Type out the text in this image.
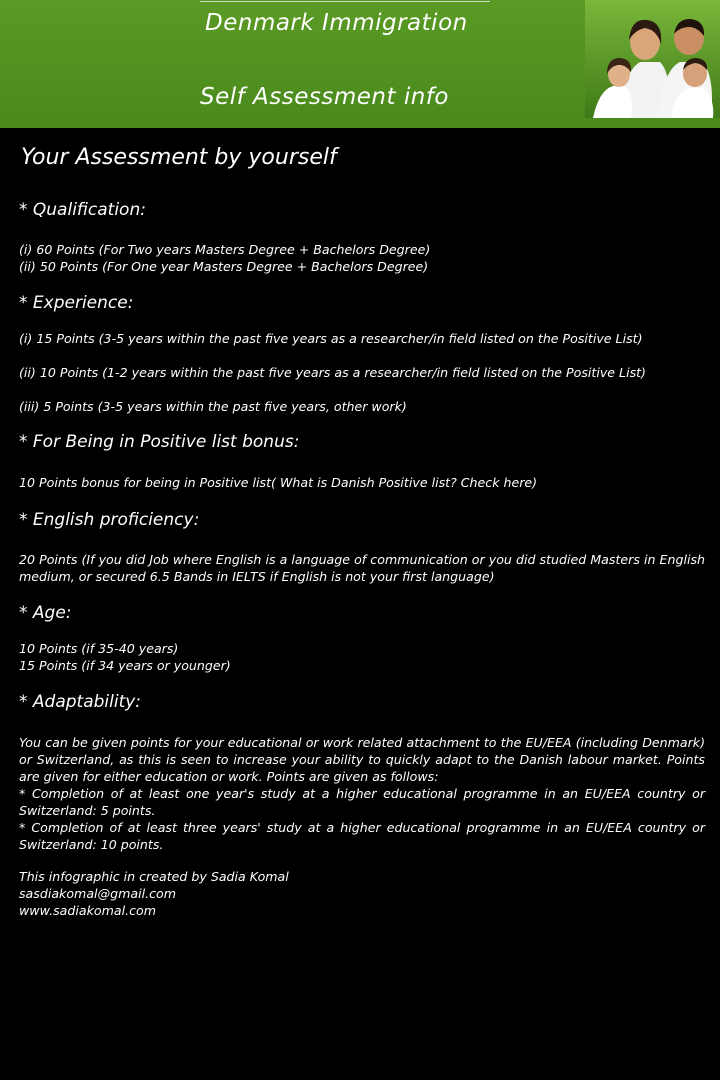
Denmark Immigration
Self Assessment info
Your Assessment by yourself
* Qualification:
(i) 60 Points (For Two years Masters Degree + Bachelors Degree)
(ii) 50 Points (For One year Masters Degree + Bachelors Degree)
* Experience:
(i) 15 Points (3-5 years within the past five years as a researcher/in field listed on the Positive List)
(ii) 10 Points (1-2 years within the past five years as a researcher/in field listed on the Positive List)
(iii) 5 Points (3-5 years within the past five years, other work)
* For Being in Positive list bonus:
10 Points bonus for being in Positive list( What is Danish Positive list? Check here)
* English proficiency:
20 Points (If you did Job where English is a language of communication or you did studied Masters in English medium, or secured 6.5 Bands in IELTS if English is not your first language)
* Age:
10 Points (if 35-40 years)
15 Points (if 34 years or younger)
* Adaptability:
You can be given points for your educational or work related attachment to the EU/EEA (including Denmark) or Switzerland, as this is seen to increase your ability to quickly adapt to the Danish labour market. Points are given for either education or work. Points are given as follows:
* Completion of at least one year's study at a higher educational programme in an EU/EEA country or Switzerland: 5 points.
* Completion of at least three years' study at a higher educational programme in an EU/EEA country or Switzerland: 10 points.
This infographic in created by Sadia Komal
sasdiakomal@gmail.com
www.sadiakomal.com
